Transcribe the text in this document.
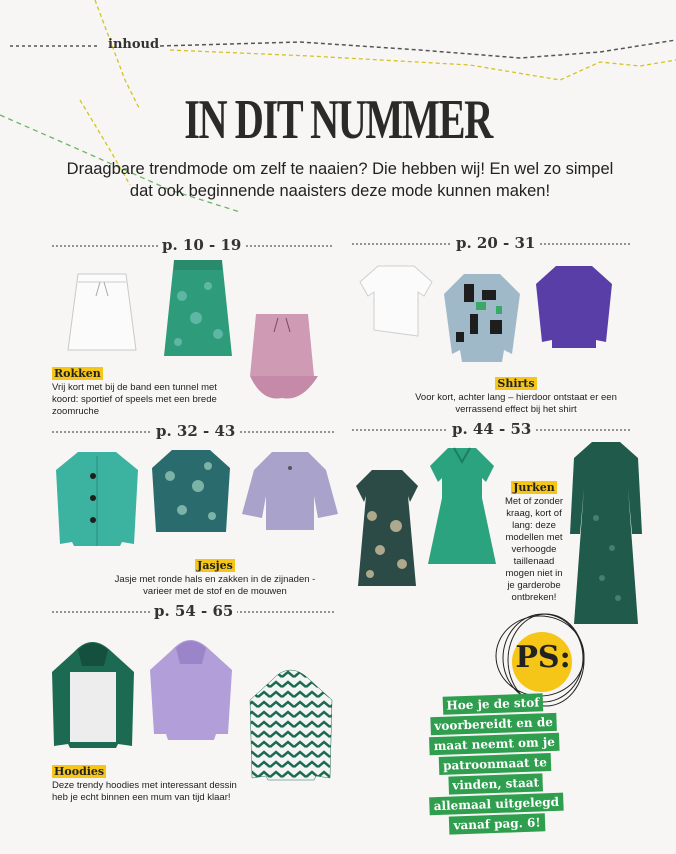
inhoud
IN DIT NUMMER
Draagbare trendmode om zelf te naaien? Die hebben wij! En wel zo simpel dat ook beginnende naaisters deze mode kunnen maken!
p. 10 - 19	p. 20 - 31
p. 32 - 43	p. 44 - 53
p. 54 - 65
Rokken
Vrij kort met bij de band een tunnel met koord: sportief of speels met een brede zoomruche
Shirts
Voor kort, achter lang – hierdoor ontstaat er een verrassend effect bij het shirt
Jasjes
Jasje met ronde hals en zakken in de zijnaden - varieer met de stof en de mouwen
Jurken
Met of zonder kraag, kort of lang: deze modellen met verhoogde taillenaad mogen niet in je garderobe ontbreken!
Hoodies
Deze trendy hoodies met interessant dessin heb je echt binnen een mum van tijd klaar!
PS:
Hoe je de stof
voorbereidt en de
maat neemt om je
patroonmaat te
vinden, staat
allemaal uitgelegd
vanaf pag. 6!
